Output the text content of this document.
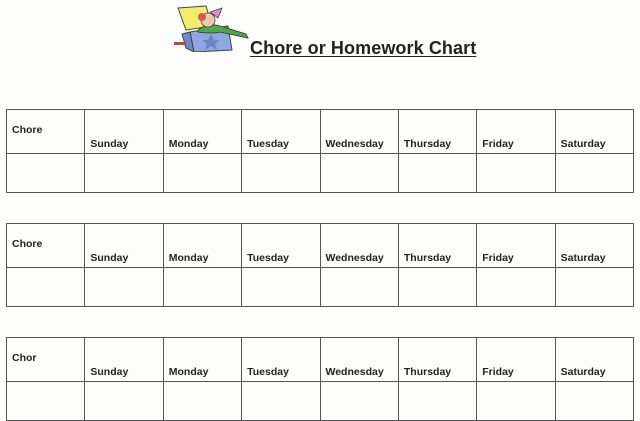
Chore or Homework Chart
Chore	Sunday	Monday	Tuesday	Wednesday	Thursday	Friday	Saturday

Chore	Sunday	Monday	Tuesday	Wednesday	Thursday	Friday	Saturday

Chor	Sunday	Monday	Tuesday	Wednesday	Thursday	Friday	Saturday
